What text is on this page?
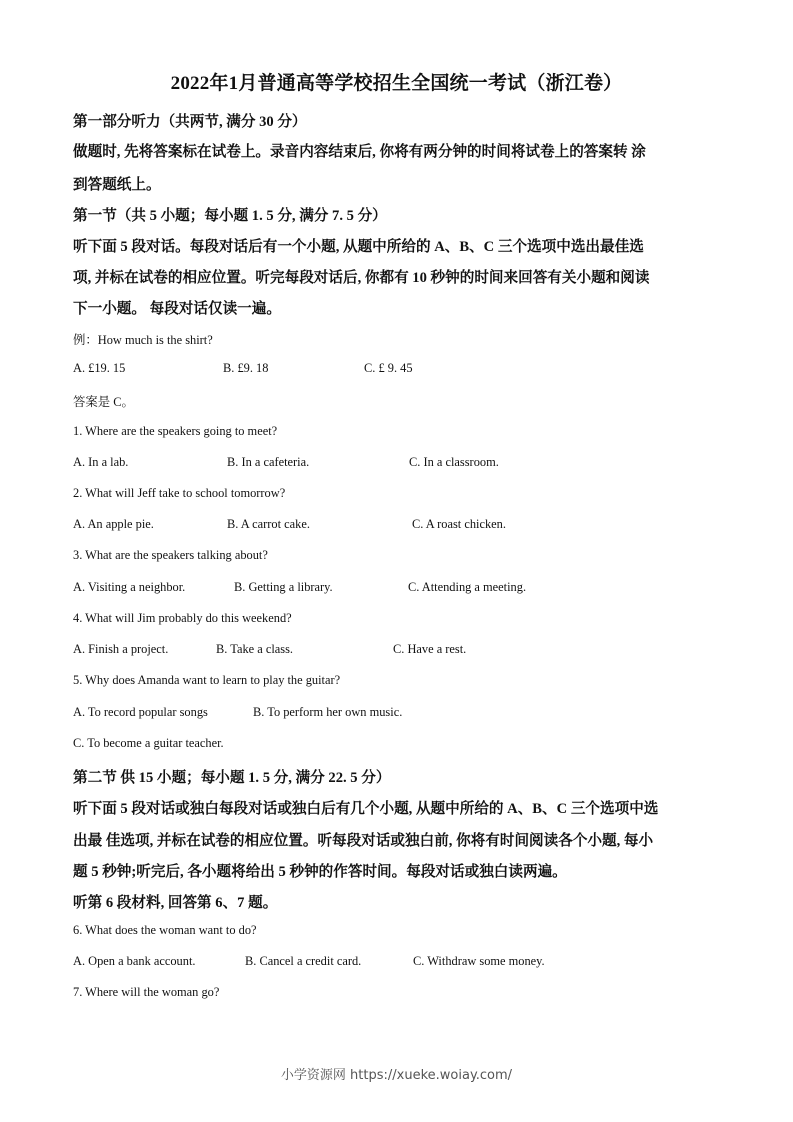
2022年1月普通高等学校招生全国统一考试（浙江卷）
第一部分听力（共两节, 满分 30 分）
做题时, 先将答案标在试卷上。录音内容结束后, 你将有两分钟的时间将试卷上的答案转 涂
到答题纸上。
第一节（共 5 小题；每小题 1. 5 分, 满分 7. 5 分）
听下面 5 段对话。每段对话后有一个小题, 从题中所给的 A、B、C 三个选项中选出最佳选
项, 并标在试卷的相应位置。听完每段对话后, 你都有 10 秒钟的时间来回答有关小题和阅读
下一小题。 每段对话仅读一遍。
例：How much is the shirt?
A. £19. 15	B. £9. 18	C. £ 9. 45
答案是 C。
1. Where are the speakers going to meet?
A. In a lab.	B. In a cafeteria.	C. In a classroom.
2. What will Jeff take to school tomorrow?
A. An apple pie.	B. A carrot cake.	C. A roast chicken.
3. What are the speakers talking about?
A. Visiting a neighbor.	B. Getting a library.	C. Attending a meeting.
4. What will Jim probably do this weekend?
A. Finish a project.	B. Take a class.	C. Have a rest.
5. Why does Amanda want to learn to play the guitar?
A. To record popular songs	B. To perform her own music.
C. To become a guitar teacher.
第二节 供 15 小题；每小题 1. 5 分, 满分 22. 5 分）
听下面 5 段对话或独白每段对话或独白后有几个小题, 从题中所给的 A、B、C 三个选项中选
出最 佳选项, 并标在试卷的相应位置。听每段对话或独白前, 你将有时间阅读各个小题, 每小
题 5 秒钟;听完后, 各小题将给出 5 秒钟的作答时间。每段对话或独白读两遍。
听第 6 段材料, 回答第 6、7 题。
6. What does the woman want to do?
A. Open a bank account.	B. Cancel a credit card.	C. Withdraw some money.
7. Where will the woman go?
小学资源网 https://xueke.woiay.com/
